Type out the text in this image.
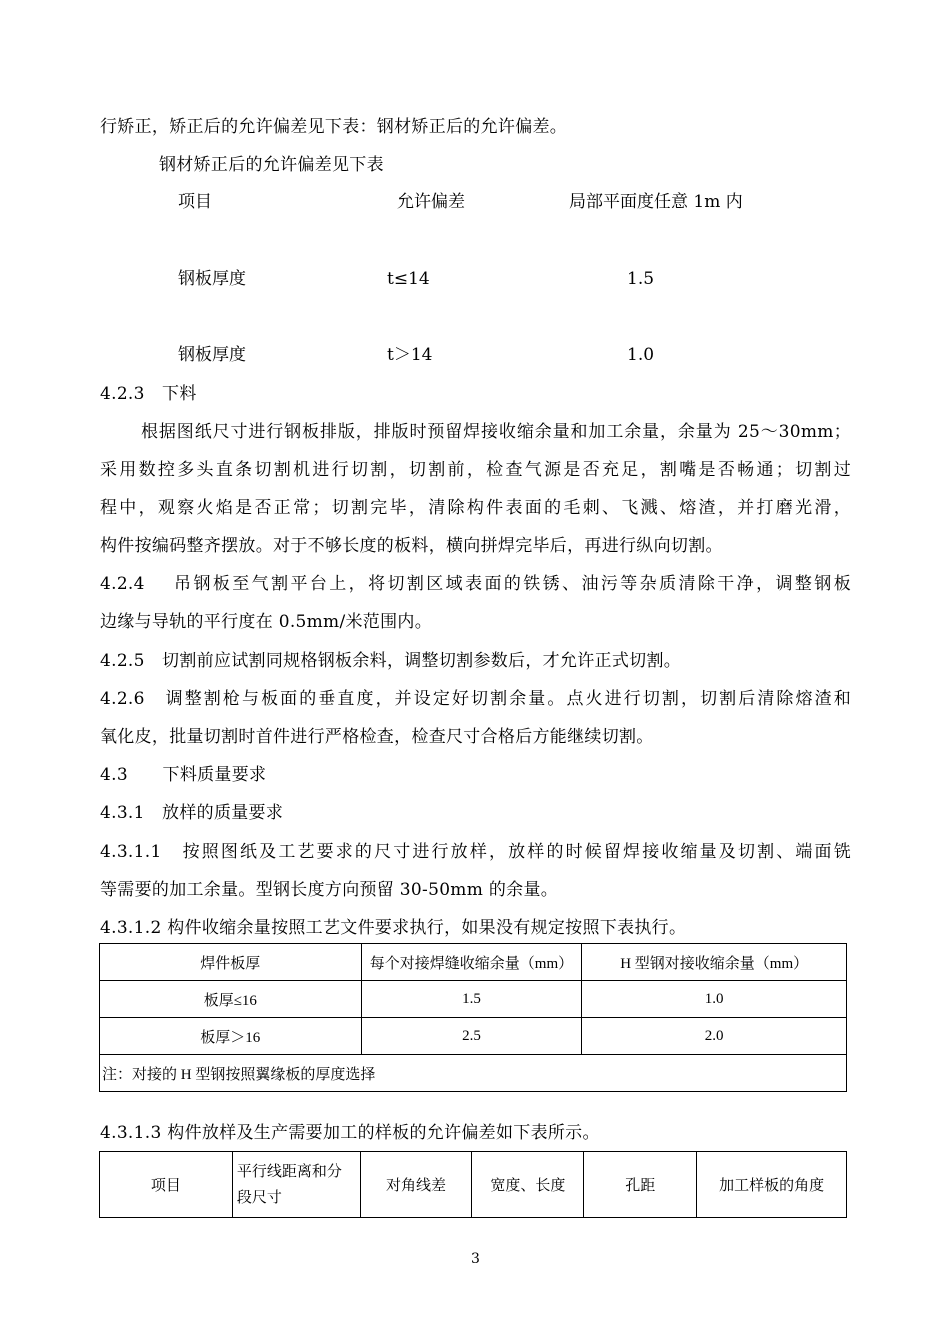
行矫正，矫正后的允许偏差见下表：钢材矫正后的允许偏差。
钢材矫正后的允许偏差见下表
项目	允许偏差	局部平面度任意 1m 内
钢板厚度	t≤14	1.5
钢板厚度	t＞14	1.0
4.2.3　下料
根据图纸尺寸进行钢板排版，排版时预留焊接收缩余量和加工余量，余量为 25～30mm；
采用数控多头直条切割机进行切割，切割前，检查气源是否充足，割嘴是否畅通；切割过
程中，观察火焰是否正常；切割完毕，清除构件表面的毛刺、飞溅、熔渣，并打磨光滑，
构件按编码整齐摆放。对于不够长度的板料，横向拼焊完毕后，再进行纵向切割。
4.2.4　 吊钢板至气割平台上，将切割区域表面的铁锈、油污等杂质清除干净，调整钢板
边缘与导轨的平行度在 0.5mm/米范围内。
4.2.5　切割前应试割同规格钢板余料，调整切割参数后，才允许正式切割。
4.2.6　调整割枪与板面的垂直度，并设定好切割余量。点火进行切割，切割后清除熔渣和
氧化皮，批量切割时首件进行严格检查，检查尺寸合格后方能继续切割。
4.3　　下料质量要求
4.3.1　放样的质量要求
4.3.1.1　按照图纸及工艺要求的尺寸进行放样，放样的时候留焊接收缩量及切割、端面铣
等需要的加工余量。型钢长度方向预留 30-50mm 的余量。
4.3.1.2 构件收缩余量按照工艺文件要求执行，如果没有规定按照下表执行。
焊件板厚	每个对接焊缝收缩余量（mm）	H 型钢对接收缩余量（mm）
板厚≤16	1.5	1.0
板厚＞16	2.5	2.0
注：对接的 H 型钢按照翼缘板的厚度选择		
4.3.1.3 构件放样及生产需要加工的样板的允许偏差如下表所示。
项目	平行线距离和分段尺寸	对角线差	宽度、长度	孔距	加工样板的角度
3
